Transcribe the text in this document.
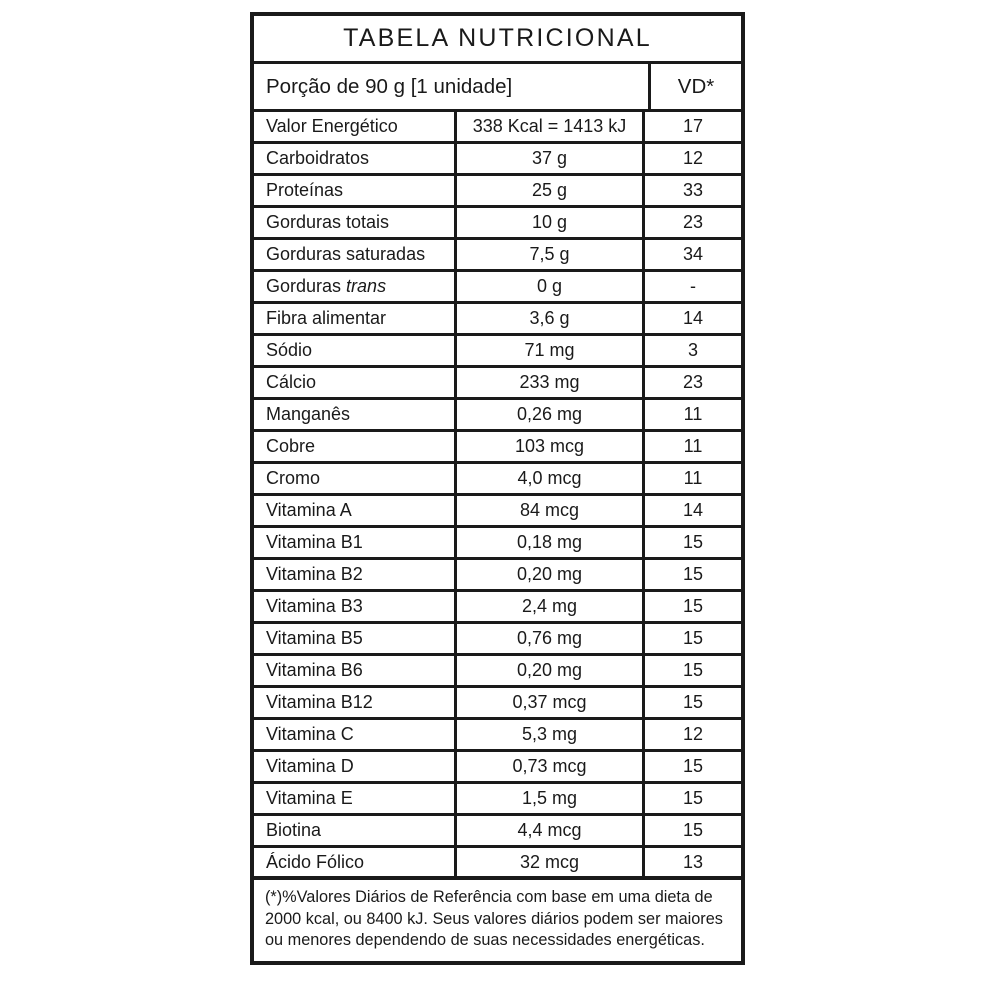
TABELA NUTRICIONAL
Porção de 90 g [1 unidade]	VD*
Valor Energético	338 Kcal = 1413 kJ	17
Carboidratos	37 g	12
Proteínas	25 g	33
Gorduras totais	10 g	23
Gorduras saturadas	7,5 g	34
Gorduras trans	0 g	-
Fibra alimentar	3,6 g	14
Sódio	71 mg	3
Cálcio	233 mg	23
Manganês	0,26 mg	11
Cobre	103 mcg	11
Cromo	4,0 mcg	11
Vitamina A	84 mcg	14
Vitamina B1	0,18 mg	15
Vitamina B2	0,20 mg	15
Vitamina B3	2,4 mg	15
Vitamina B5	0,76 mg	15
Vitamina B6	0,20 mg	15
Vitamina B12	0,37 mcg	15
Vitamina C	5,3 mg	12
Vitamina D	0,73 mcg	15
Vitamina E	1,5 mg	15
Biotina	4,4 mcg	15
Ácido Fólico	32 mcg	13
(*)%Valores Diários de Referência com base em uma dieta de
2000 kcal, ou 8400 kJ. Seus valores diários podem ser maiores
ou menores dependendo de suas necessidades energéticas.
